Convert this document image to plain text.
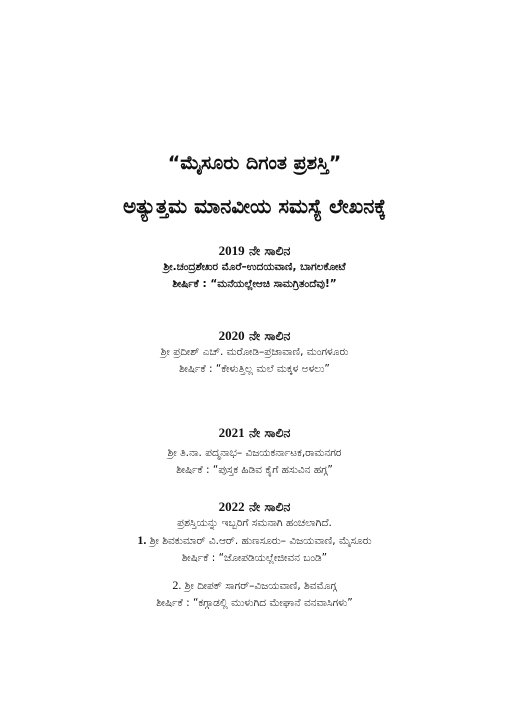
“ಮೈಸೂರು ದಿಗಂತ ಪ್ರಶಸ್ತಿ”
ಅತ್ಯುತ್ತಮ ಮಾನವೀಯ ಸಮಸ್ಯೆ ಲೇಖನಕ್ಕೆ
2019 ನೇ ಸಾಲಿನ
ಶ್ರೀ.ಚಂದ್ರಶೇಖರ ಮೊರೆ–ಉದಯವಾಣಿ, ಬಾಗಲಕೋಟೆ
ಶೀರ್ಷಿಕೆ : “ಮನೆಯಲ್ಲೇಆಚಿ ಸಾಮಗ್ರಿತಂದೆವು!”
2020 ನೇ ಸಾಲಿನ
ಶ್ರೀ ಪ್ರದೀಶ್ ಎಚ್. ಮರೋಡಿ–ಪ್ರಜಾವಾಣಿ, ಮಂಗಳೂರು
ಶೀರ್ಷಿಕೆ : “ಕೇಳುತ್ತಿಲ್ಲ ಮಲೆ ಮಕ್ಕಳ ಅಳಲು”
2021 ನೇ ಸಾಲಿನ
ಶ್ರೀ ತಿ.ನಾ. ಪದ್ಮನಾಭ– ವಿಜಯಕರ್ನಾಟಕ,ರಾಮನಗರ
ಶೀರ್ಷಿಕೆ : “ಪುಸ್ತಕ ಹಿಡಿವ ಕೈಗೆ ಹಸುವಿನ ಹಗ್ಗ”
2022 ನೇ ಸಾಲಿನ
ಪ್ರಶಸ್ತಿಯನ್ನು ಇಬ್ಬರಿಗೆ ಸಮನಾಗಿ ಹಂಚಲಾಗಿದೆ.
1. ಶ್ರೀ ಶಿವಕುಮಾರ್ ವಿ.ಆರ್. ಹುಣಸೂರು– ವಿಜಯವಾಣಿ, ಮೈಸೂರು
ಶೀರ್ಷಿಕೆ : “ಜೋಪಡಿಯಲ್ಲೇಜೀವನ ಬಂಡಿ”
2. ಶ್ರೀ ದೀಪಕ್ ಸಾಗರ್–ವಿಜಯವಾಣಿ, ಶಿವಮೊಗ್ಗ
ಶೀರ್ಷಿಕೆ : “ಕಗ್ಗಾಡಲ್ಲಿ ಮುಳುಗಿದ ಮೇಘಾನೆ ವನವಾಸಿಗಳು”
